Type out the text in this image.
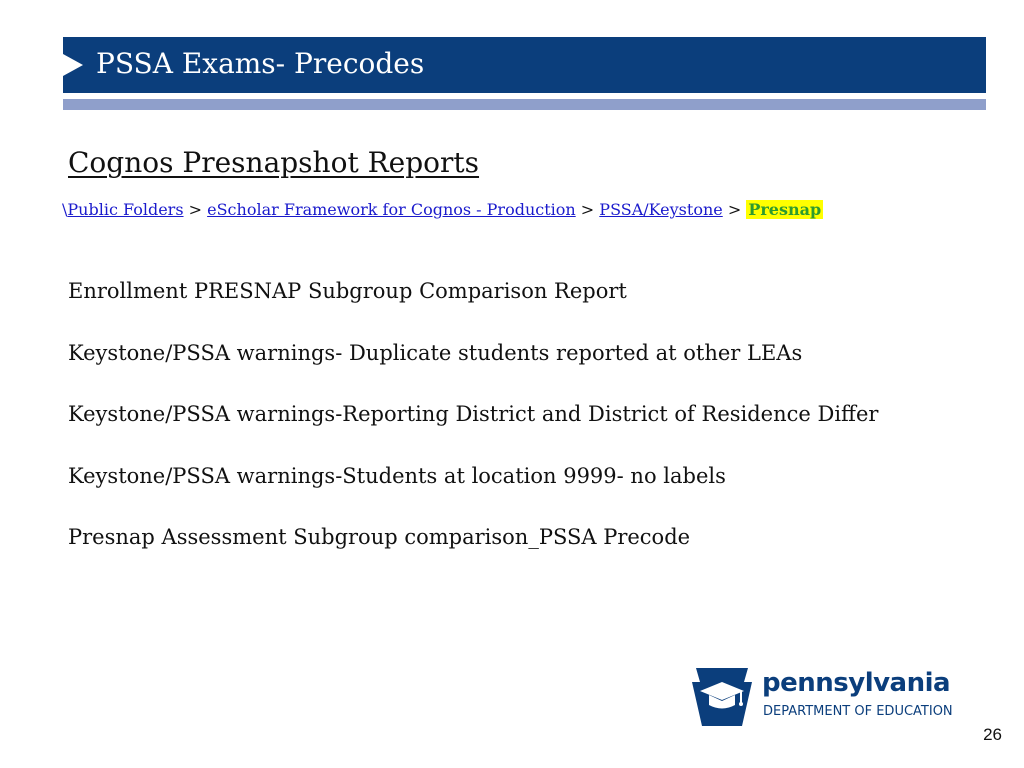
PSSA Exams- Precodes
Cognos Presnapshot Reports
\Public Folders > eScholar Framework for Cognos - Production > PSSA/Keystone > Presnap
Enrollment PRESNAP Subgroup Comparison Report
Keystone/PSSA warnings- Duplicate students reported at other LEAs
Keystone/PSSA warnings-Reporting District and District of Residence Differ
Keystone/PSSA warnings-Students at location 9999- no labels
Presnap Assessment Subgroup comparison_PSSA Precode
pennsylvania
DEPARTMENT OF EDUCATION
26
